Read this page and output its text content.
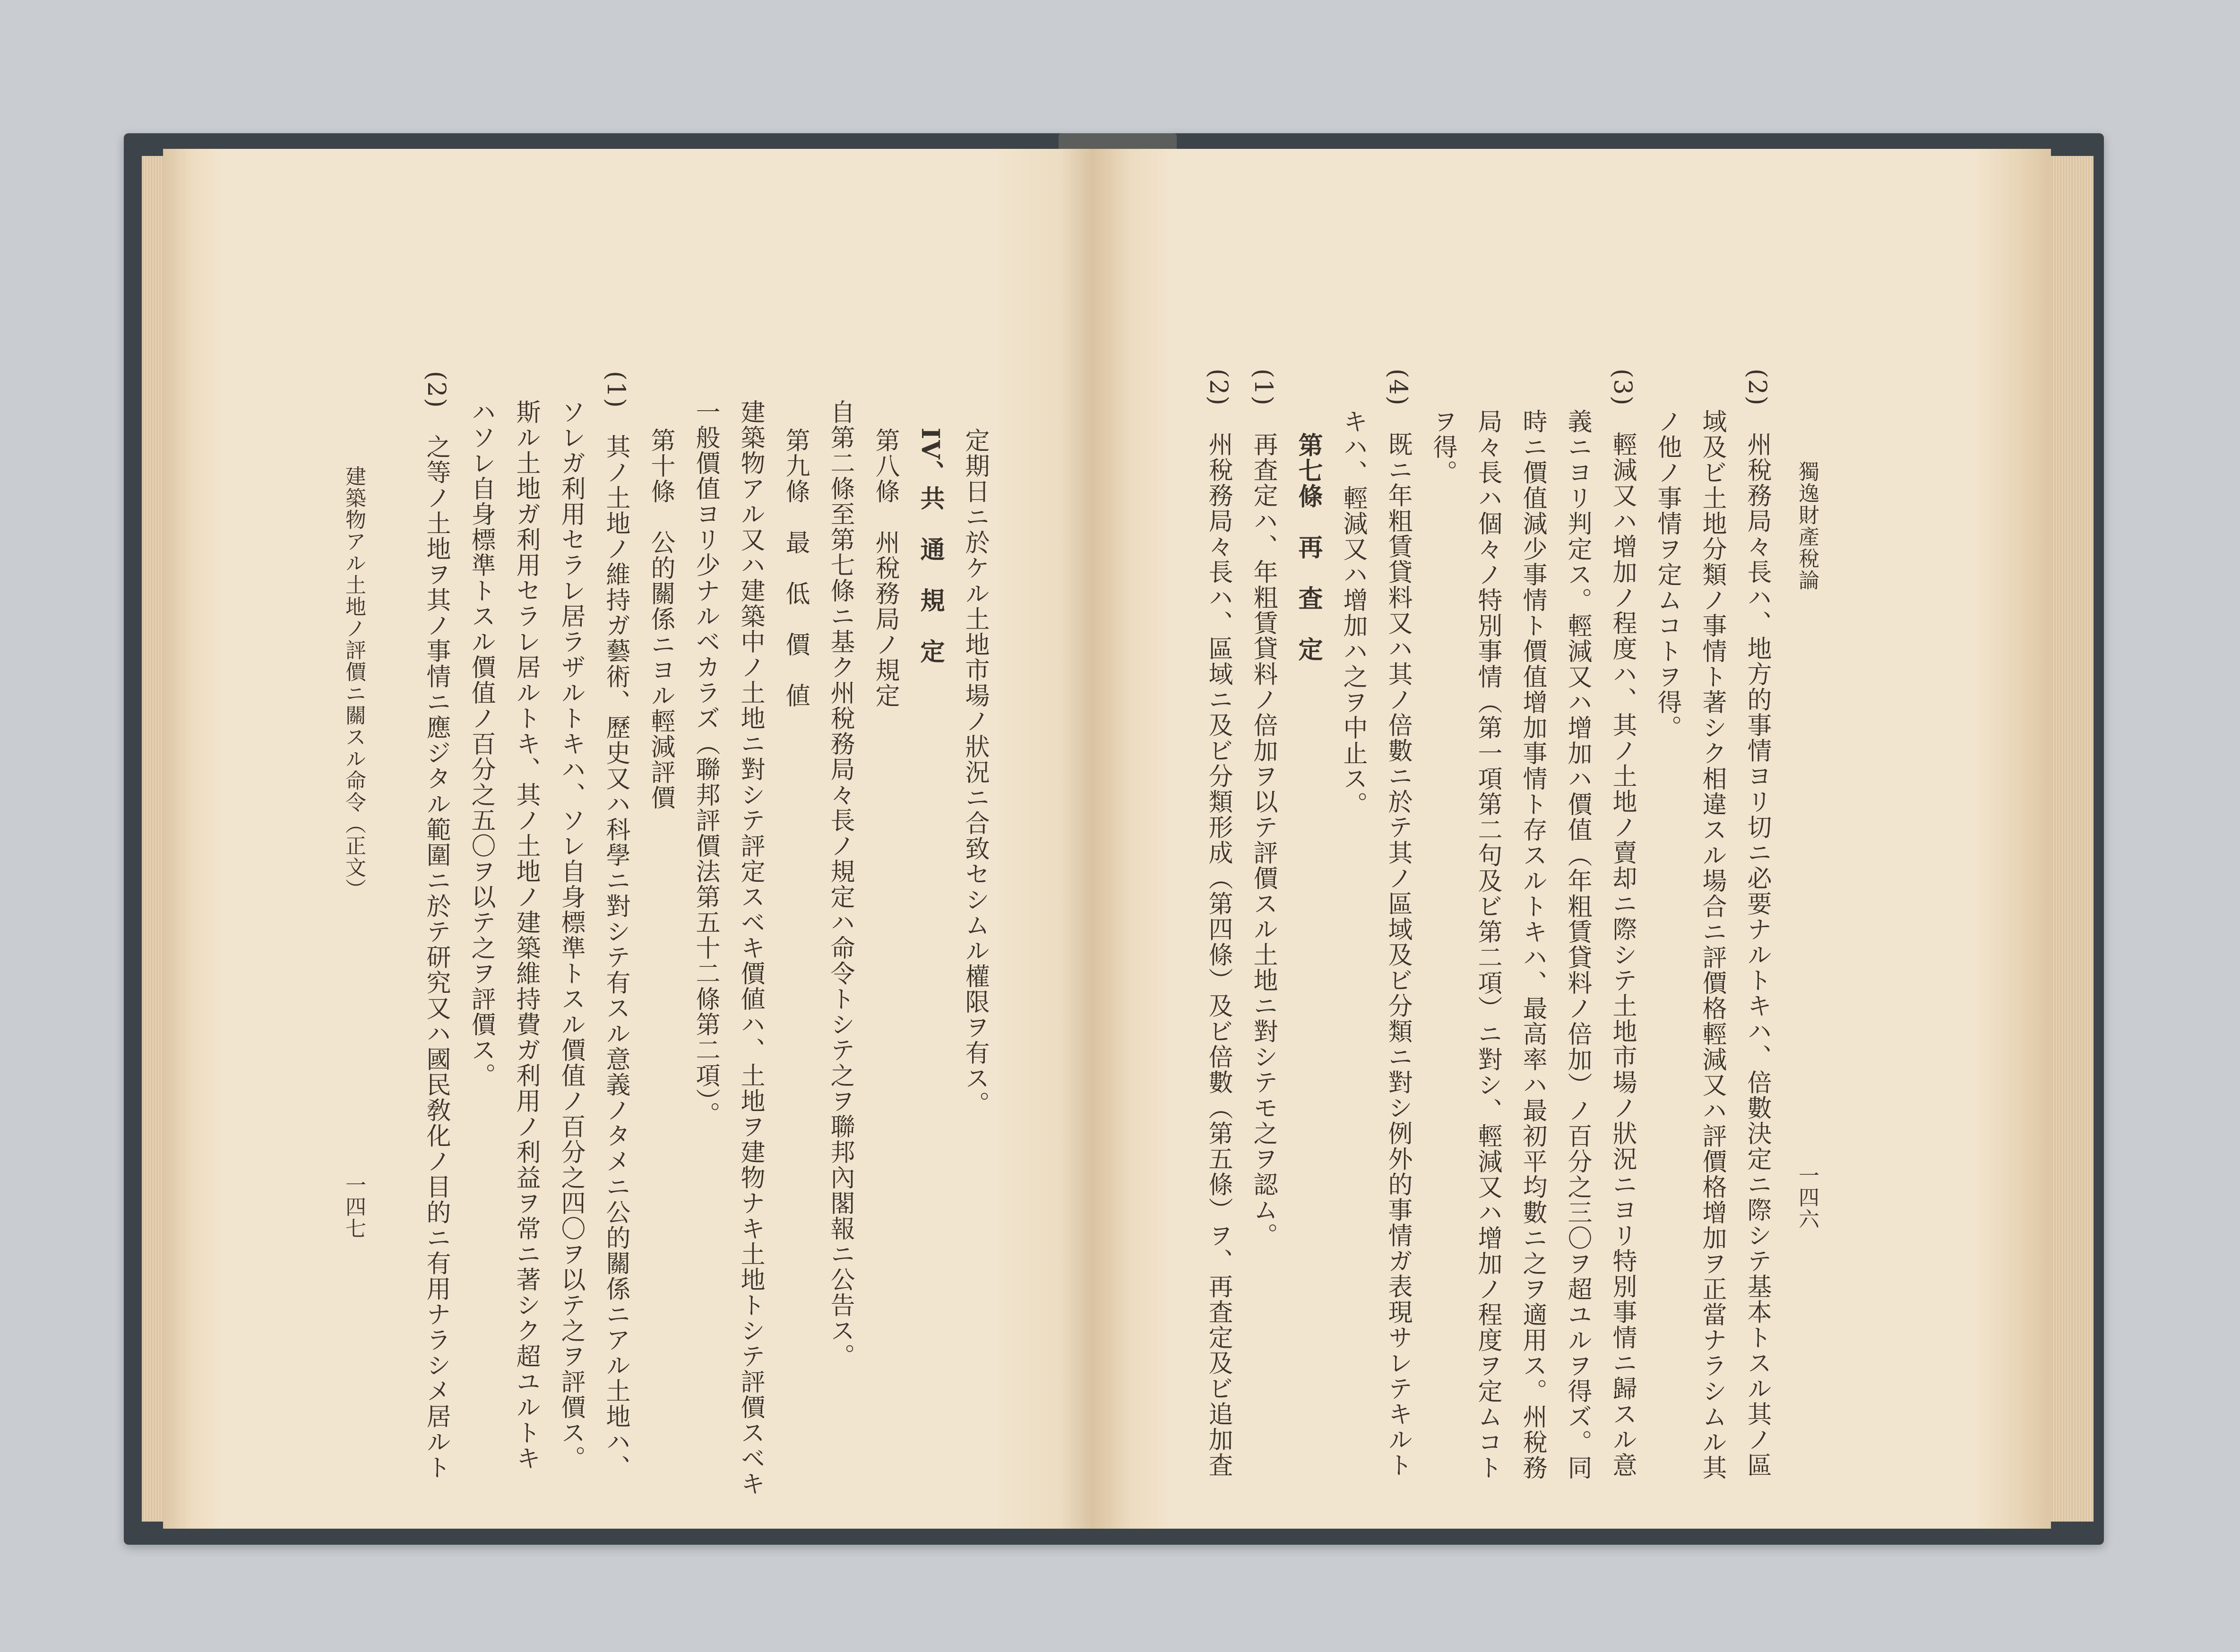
定期日ニ於ケル土地市場ノ狀況ニ合致セシムル權限ヲ有ス。
IV、共　通　規　定
第八條　州稅務局ノ規定
自第二條至第七條ニ基ク州稅務局々長ノ規定ハ命令トシテ之ヲ聯邦內閣報ニ公告ス。
第九條　最　低　價　値
建築物アル又ハ建築中ノ土地ニ對シテ評定スベキ價値ハ、土地ヲ建物ナキ土地トシテ評價スベキ
一般價值ヨリ少ナルベカラズ（聯邦評價法第五十二條第二項）。
第十條　公的關係ニヨル輕減評價
(1)　其ノ土地ノ維持ガ藝術、歷史又ハ科學ニ對シテ有スル意義ノタメニ公的關係ニアル土地ハ、
ソレガ利用セラレ居ラザルトキハ、ソレ自身標準トスル價值ノ百分之四〇ヲ以テ之ヲ評價ス。
斯ル土地ガ利用セラレ居ルトキ、其ノ土地ノ建築維持費ガ利用ノ利益ヲ常ニ著シク超ユルトキ
ハソレ自身標準トスル價值ノ百分之五〇ヲ以テ之ヲ評價ス。
(2)　之等ノ土地ヲ其ノ事情ニ應ジタル範圍ニ於テ研究又ハ國民敎化ノ目的ニ有用ナラシメ居ルト
建築物アル土地ノ評價ニ關スル命令（正文）
一四七
獨逸財產稅論
一四六
(2)　州稅務局々長ハ、地方的事情ヨリ切ニ必要ナルトキハ、倍數決定ニ際シテ基本トスル其ノ區
域及ビ土地分類ノ事情ト著シク相違スル場合ニ評價格輕減又ハ評價格增加ヲ正當ナラシムル其
ノ他ノ事情ヲ定ムコトヲ得。
(3)　輕減又ハ增加ノ程度ハ、其ノ土地ノ賣却ニ際シテ土地市場ノ狀況ニヨリ特別事情ニ歸スル意
義ニヨリ判定ス。輕減又ハ增加ハ價值（年粗賃貸料ノ倍加）ノ百分之三〇ヲ超ユルヲ得ズ。同
時ニ價值減少事情ト價值增加事情ト存スルトキハ、最高率ハ最初平均數ニ之ヲ適用ス。州稅務
局々長ハ個々ノ特別事情（第一項第二句及ビ第二項）ニ對シ、輕減又ハ增加ノ程度ヲ定ムコト
ヲ得。
(4)　既ニ年粗賃貸料又ハ其ノ倍數ニ於テ其ノ區域及ビ分類ニ對シ例外的事情ガ表現サレテキルト
キハ、輕減又ハ增加ハ之ヲ中止ス。
第七條　再　査　定
(1)　再査定ハ、年粗賃貸料ノ倍加ヲ以テ評價スル土地ニ對シテモ之ヲ認ム。
(2)　州稅務局々長ハ、區域ニ及ビ分類形成（第四條）及ビ倍數（第五條）ヲ、再査定及ビ追加査
